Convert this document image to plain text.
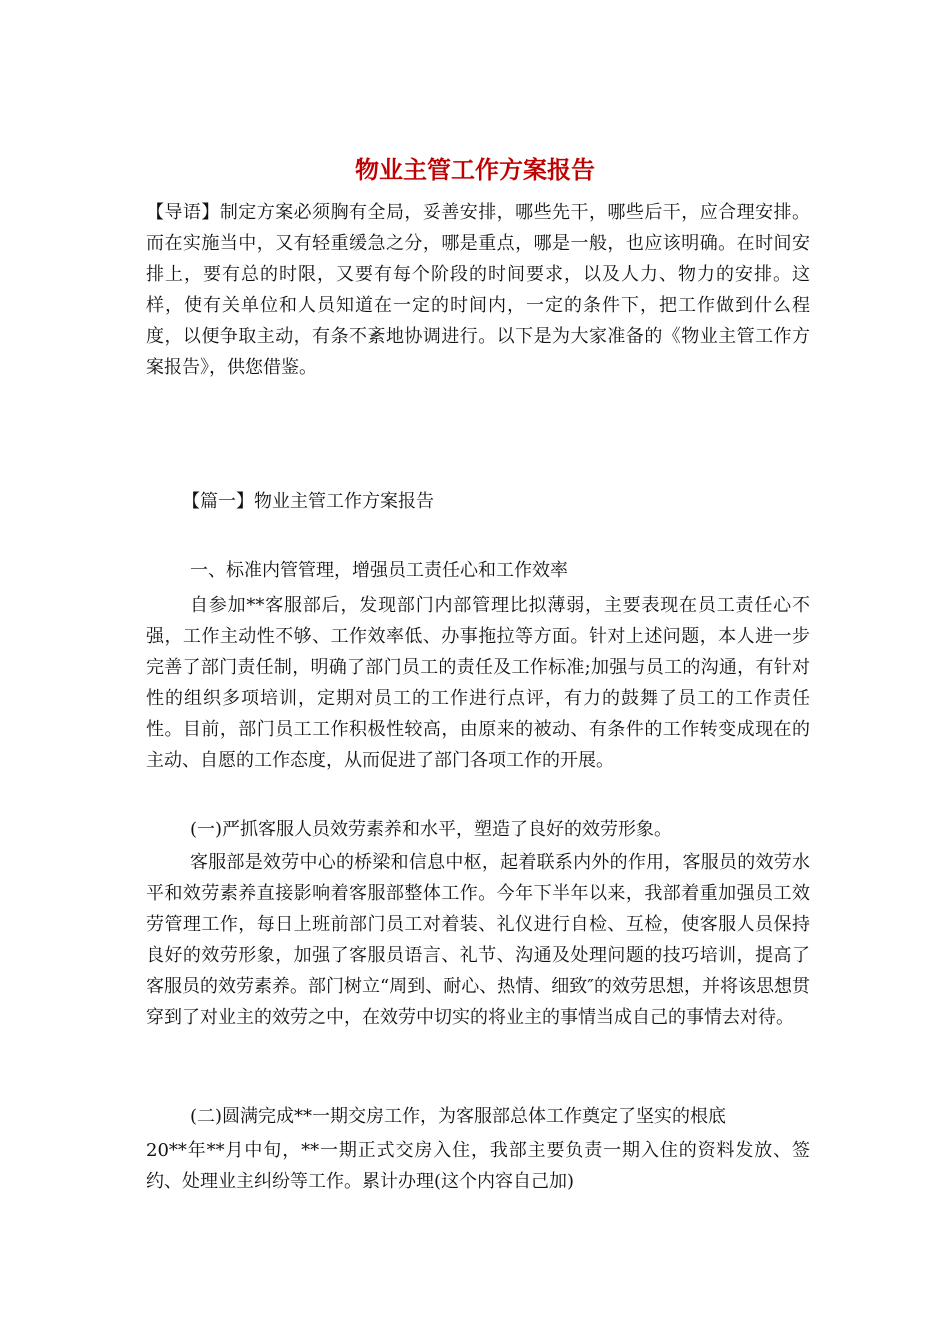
物业主管工作方案报告
【导语】制定方案必须胸有全局，妥善安排，哪些先干，哪些后干，应合理安排。而在实施当中，又有轻重缓急之分，哪是重点，哪是一般，也应该明确。在时间安排上，要有总的时限，又要有每个阶段的时间要求，以及人力、物力的安排。这样，使有关单位和人员知道在一定的时间内，一定的条件下，把工作做到什么程度，以便争取主动，有条不紊地协调进行。以下是为大家准备的《物业主管工作方案报告》，供您借鉴。
【篇一】物业主管工作方案报告
一、标准内管管理，增强员工责任心和工作效率

自参加**客服部后，发现部门内部管理比拟薄弱，主要表现在员工责任心不强，工作主动性不够、工作效率低、办事拖拉等方面。针对上述问题，本人进一步完善了部门责任制，明确了部门员工的责任及工作标准;加强与员工的沟通，有针对性的组织多项培训，定期对员工的工作进行点评，有力的鼓舞了员工的工作责任性。目前，部门员工工作积极性较高，由原来的被动、有条件的工作转变成现在的主动、自愿的工作态度，从而促进了部门各项工作的开展。

(一)严抓客服人员效劳素养和水平，塑造了良好的效劳形象。

客服部是效劳中心的桥梁和信息中枢，起着联系内外的作用，客服员的效劳水平和效劳素养直接影响着客服部整体工作。今年下半年以来，我部着重加强员工效劳管理工作，每日上班前部门员工对着装、礼仪进行自检、互检，使客服人员保持良好的效劳形象，加强了客服员语言、礼节、沟通及处理问题的技巧培训，提高了客服员的效劳素养。部门树立“周到、耐心、热情、细致″的效劳思想，并将该思想贯穿到了对业主的效劳之中，在效劳中切实的将业主的事情当成自己的事情去对待。

(二)圆满完成**一期交房工作，为客服部总体工作奠定了坚实的根底

20**年**月中旬，**一期正式交房入住，我部主要负责一期入住的资料发放、签约、处理业主纠纷等工作。累计办理(这个内容自己加)
